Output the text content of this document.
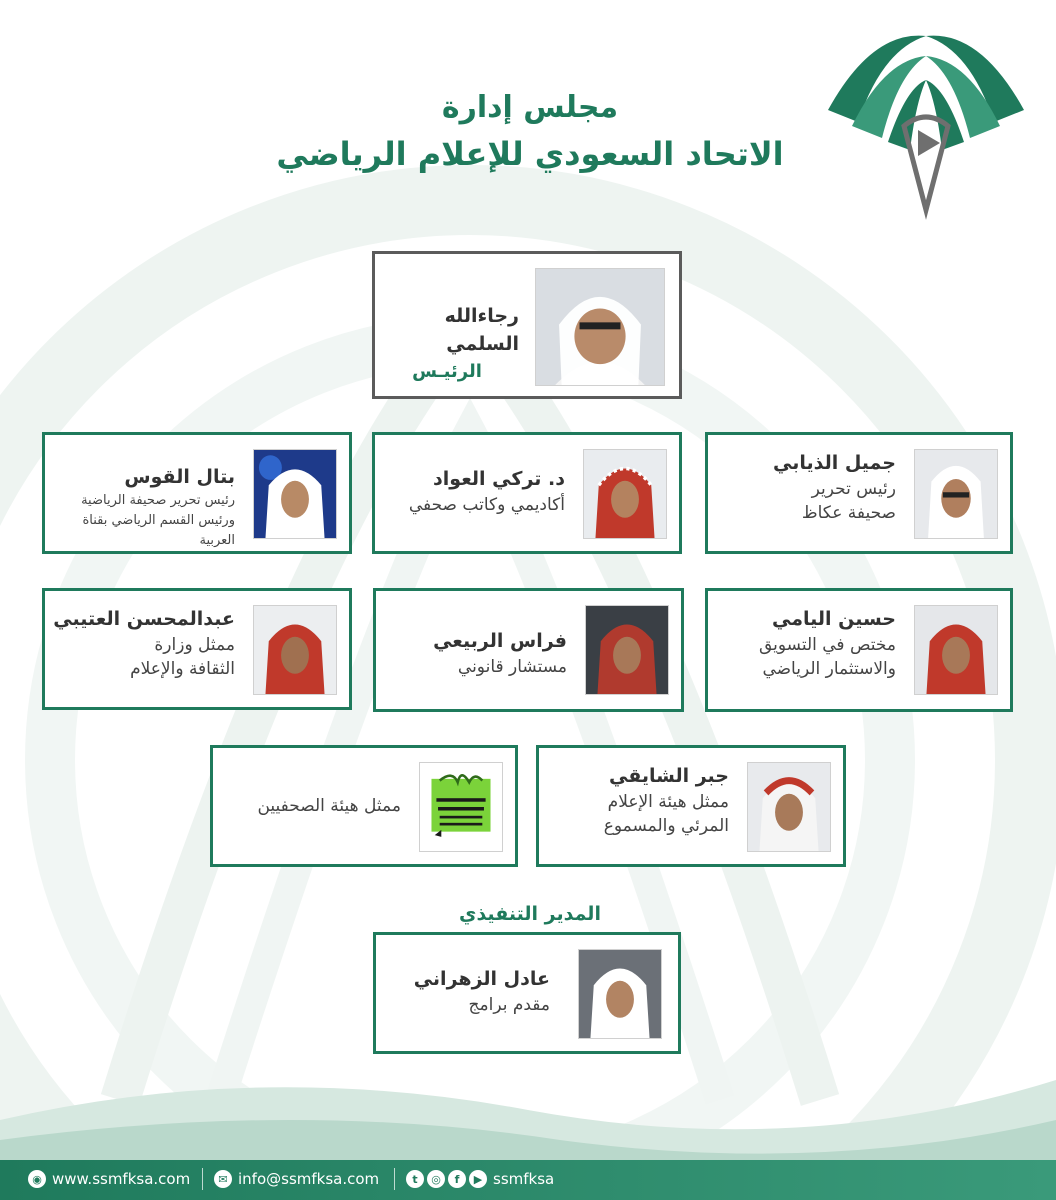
مجلس إدارة
الاتحاد السعودي للإعلام الرياضي
رجاءالله السلمي
الرئيـس
جميل الذيابي
رئيس تحرير
صحيفة عكاظ
د. تركي العواد
أكاديمي وكاتب صحفي
بتال القوس
رئيس تحرير صحيفة الرياضية
ورئيس القسم الرياضي بقناة العربية
حسين اليامي
مختص في التسويق
والاستثمار الرياضي
فراس الربيعي
مستشار قانوني
عبدالمحسن العتيبي
ممثل وزارة
الثقافة والإعلام
جبر الشايقي
ممثل هيئة الإعلام
المرئي والمسموع
ممثل هيئة الصحفيين
المدير التنفيذي
عادل الزهراني
مقدم برامج
◉ www.ssmfksa.com	✉ info@ssmfksa.com	t	◎	f	▶ ssmfksa
